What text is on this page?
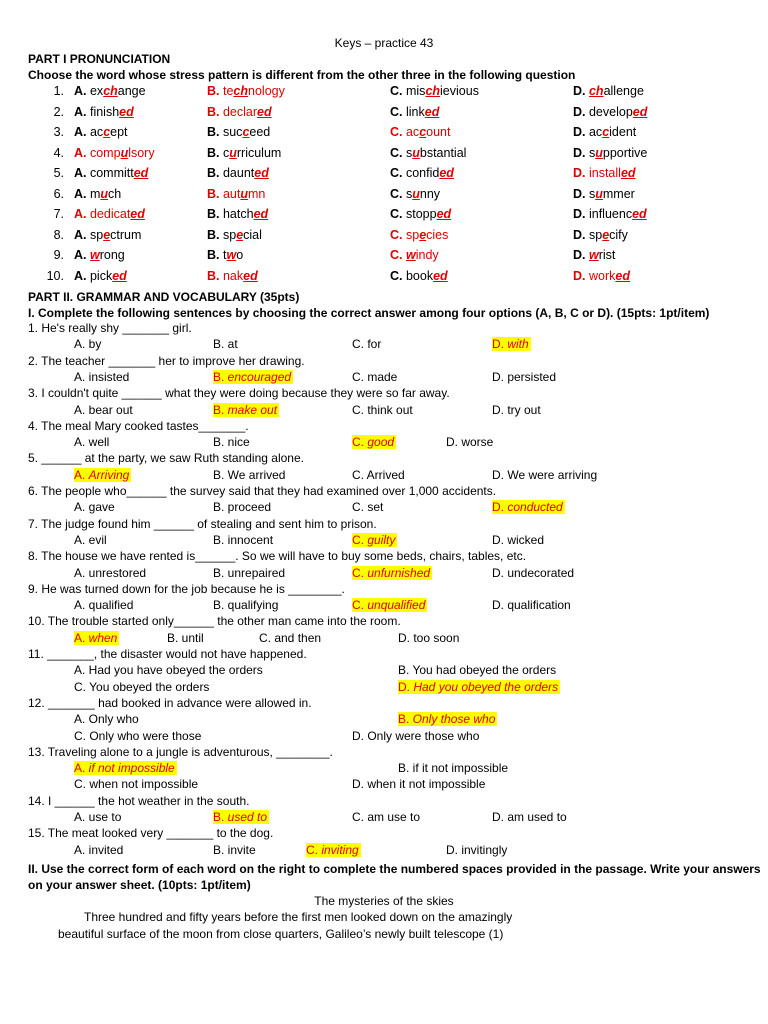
Keys – practice 43
PART I PRONUNCIATION
Choose the word whose stress pattern is different from the other three in the following question
1. A. exchange	B. technology	C. mischievious	D. challenge
2. A. finished	B. declared	C. linked	D. developed
3. A. accept	B. succeed	C. account	D. accident
4. A. compulsory	B. curriculum	C. substantial	D. supportive
5. A. committed	B. daunted	C. confided	D. installed
6. A. much	B. autumn	C. sunny	D. summer
7. A. dedicated	B. hatched	C. stopped	D. influenced
8. A. spectrum	B. special	C. species	D. specify
9. A. wrong	B. two	C. windy	D. wrist
10. A. picked	B. naked	C. booked	D. worked
PART II. GRAMMAR AND VOCABULARY (35pts)
I. Complete the following sentences by choosing the correct answer among four options (A, B, C or D). (15pts: 1pt/item)
1. He's really shy _______ girl.
A. by	B. at	C. for	D. with
2. The teacher _______ her to improve her drawing.
A. insisted	B. encouraged	C. made	D. persisted
3. I couldn't quite ______ what they were doing because they were so far away.
A. bear out	B. make out	C. think out	D. try out
4. The meal Mary cooked tastes_______.
A. well	B. nice	C. good	D. worse
5. ______ at the party, we saw Ruth standing alone.
A. Arriving	B. We arrived	C. Arrived	D. We were arriving
6. The people who______ the survey said that they had examined over 1,000 accidents.
A. gave	B. proceed	C. set	D. conducted
7. The judge found him ______ of stealing and sent him to prison.
A. evil	B. innocent	C. guilty	D. wicked
8. The house we have rented is______. So we will have to buy some beds, chairs, tables, etc.
A. unrestored	B. unrepaired	C. unfurnished	D. undecorated
9. He was turned down for the job because he is ________.
A. qualified	B. qualifying	C. unqualified	D. qualification
10. The trouble started only______ the other man came into the room.
A. when	B. until	C. and then	D. too soon
11. _______, the disaster would not have happened.
A. Had you have obeyed the orders	B. You had obeyed the orders
C. You obeyed the orders	D. Had you obeyed the orders
12. _______ had booked in advance were allowed in.
A. Only who	B. Only those who
C. Only who were those	D. Only were those who
13. Traveling alone to a jungle is adventurous, ________.
A. if not impossible	B. if it not impossible
C. when not impossible	D. when it not impossible
14. I ______ the hot weather in the south.
A. use to	B. used to	C. am use to	D. am used to
15. The meat looked very _______ to the dog.
A. invited	B. invite	C. inviting	D. invitingly
II. Use the correct form of each word on the right to complete the numbered spaces provided in the passage. Write your answers
on your answer sheet. (10pts: 1pt/item)
The mysteries of the skies
Three hundred and fifty years before the first men looked down on the amazingly
beautiful surface of the moon from close quarters, Galileo’s newly built telescope (1)
